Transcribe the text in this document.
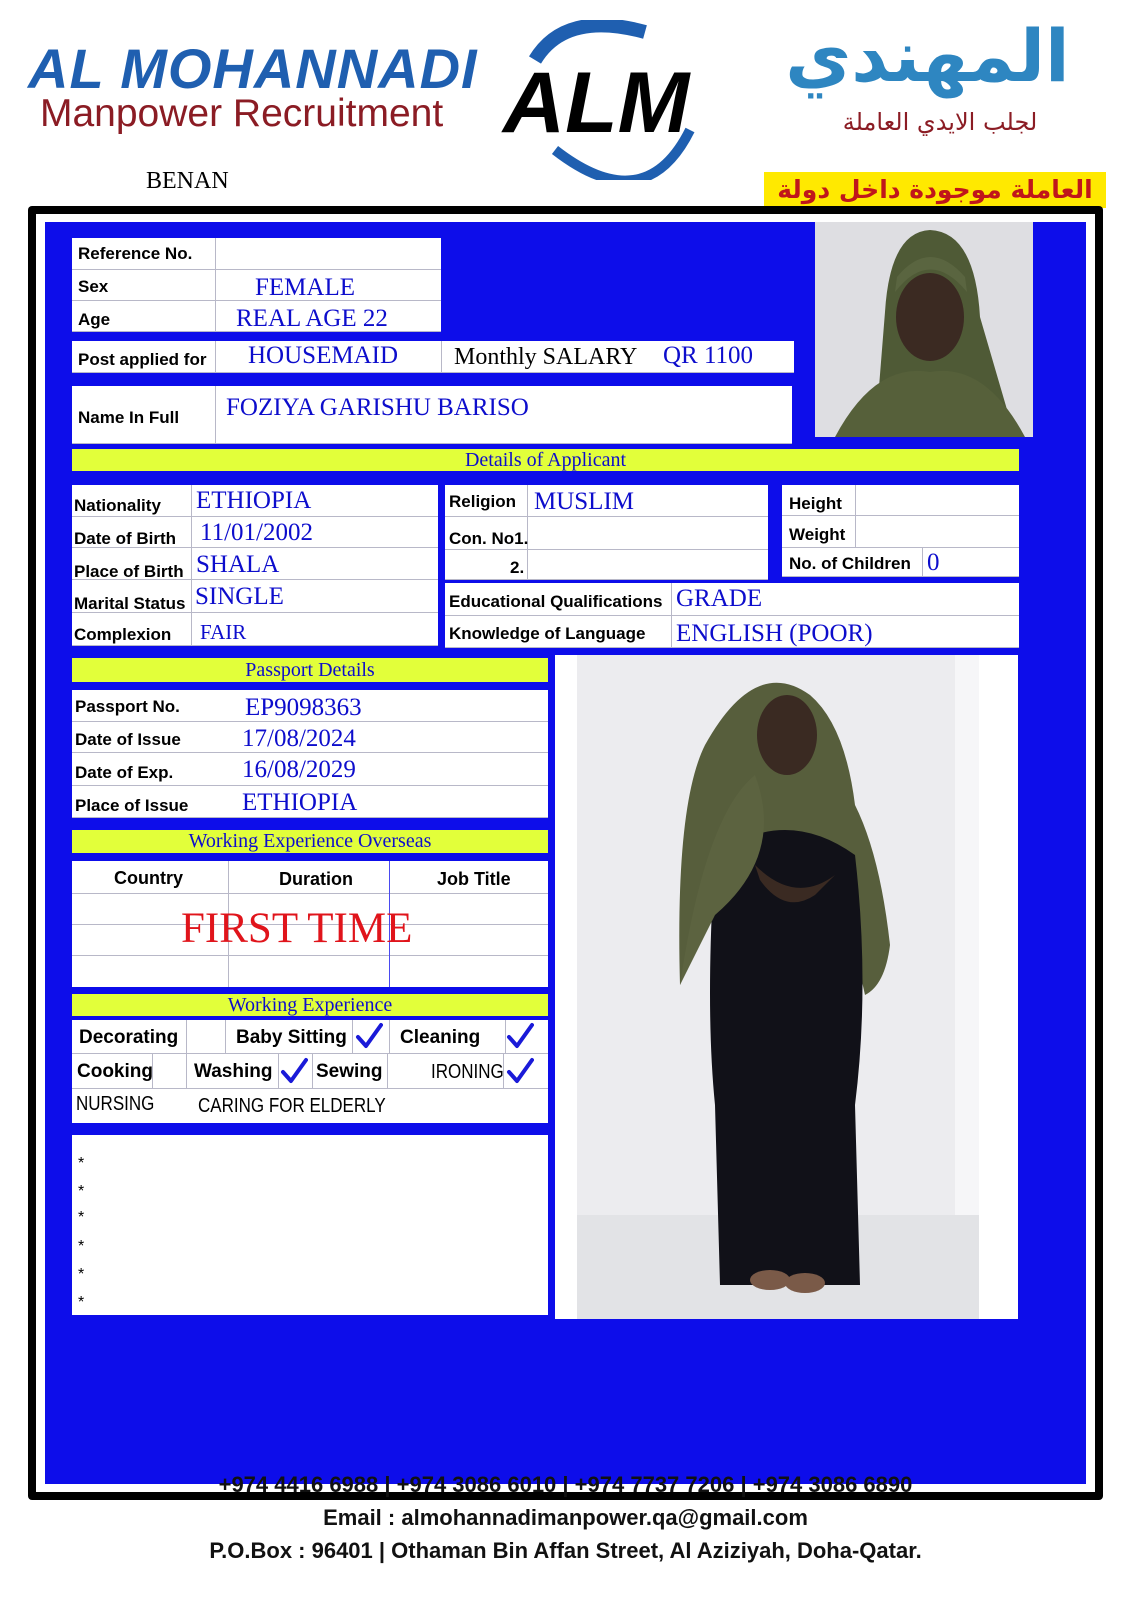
AL MOHANNADI
Manpower Recruitment ALM	المهندي
لجلب الايدي العاملة
BENAN	العاملة موجودة داخل دولة
Reference No.
Sex	FEMALE
Age	REAL AGE 22
Post applied for HOUSEMAID Monthly SALARY QR 1100
Name In Full FOZIYA GARISHU BARISO
Details of Applicant
Nationality ETHIOPIA
Date of Birth 11/01/2002
Place of Birth SHALA
Marital Status SINGLE
Complexion FAIR
Religion MUSLIM
Con. No1.
2.
Height
Weight
No. of Children 0
Educational Qualifications GRADE
Knowledge of Language ENGLISH (POOR)
Passport Details
Passport No.	EP9098363
Date of Issue 17/08/2024
Date of Exp.	16/08/2029
Place of Issue ETHIOPIA
Working Experience Overseas
Country	Duration	Job Title
FIRST TIME
Working Experience
Decorating	Baby Sitting	Cleaning
Cooking Washing Sewing IRONING
NURSING CARING FOR ELDERLY
*
*
*
*
*
*
+974 4416 6988 | +974 3086 6010 | +974 7737 7206 | +974 3086 6890
Email : almohannadimanpower.qa@gmail.com
P.O.Box : 96401 | Othaman Bin Affan Street, Al Aziziyah, Doha-Qatar.
